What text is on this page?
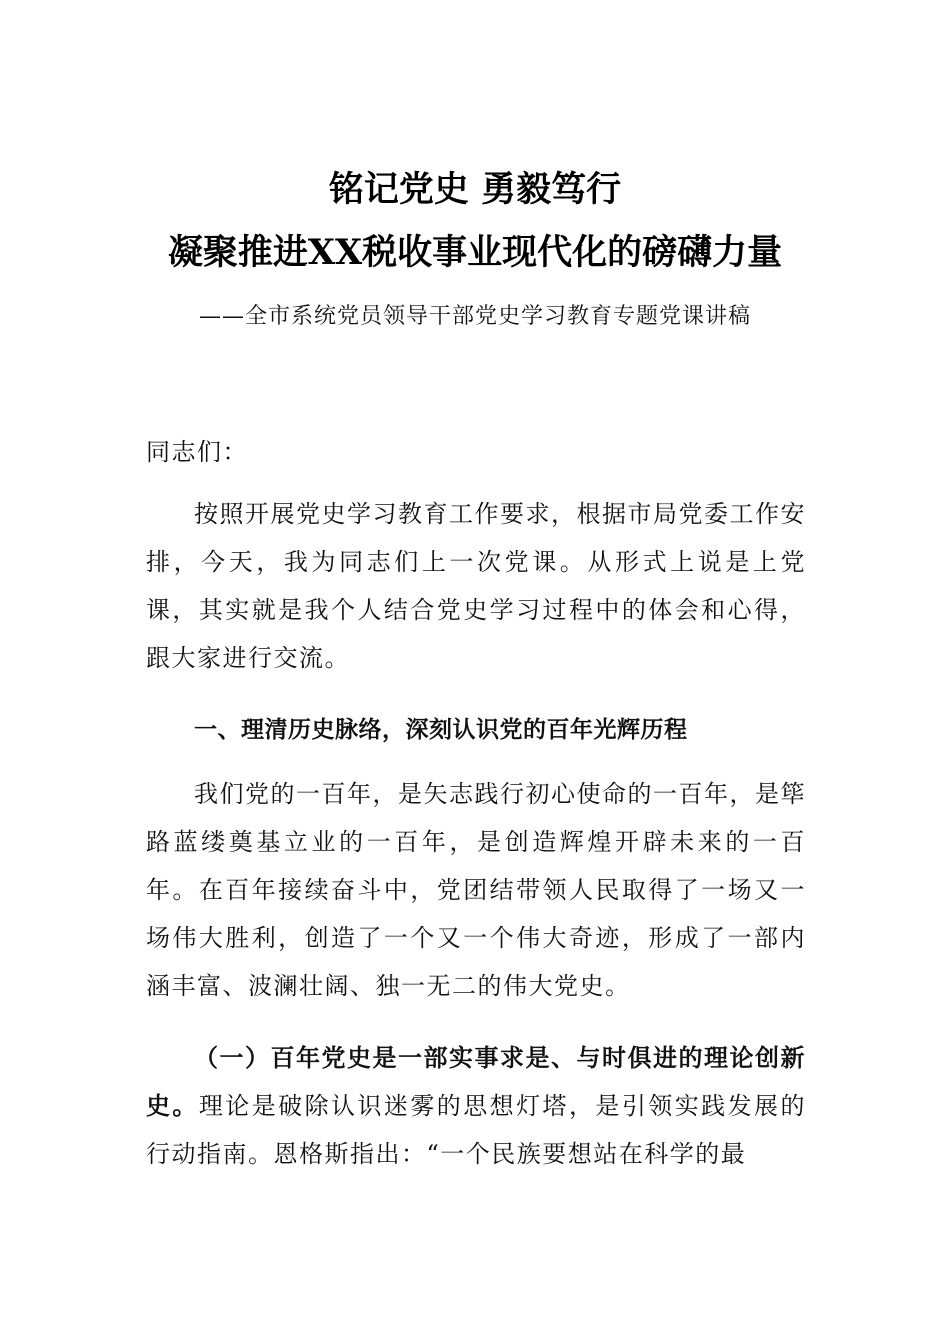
铭记党史 勇毅笃行
凝聚推进XX税收事业现代化的磅礴力量
——全市系统党员领导干部党史学习教育专题党课讲稿
同志们：
按照开展党史学习教育工作要求，根据市局党委工作安排，今天，我为同志们上一次党课。从形式上说是上党课，其实就是我个人结合党史学习过程中的体会和心得，跟大家进行交流。
一、理清历史脉络，深刻认识党的百年光辉历程
我们党的一百年，是矢志践行初心使命的一百年，是筚路蓝缕奠基立业的一百年，是创造辉煌开辟未来的一百年。在百年接续奋斗中，党团结带领人民取得了一场又一场伟大胜利，创造了一个又一个伟大奇迹，形成了一部内涵丰富、波澜壮阔、独一无二的伟大党史。
（一）百年党史是一部实事求是、与时俱进的理论创新史。理论是破除认识迷雾的思想灯塔，是引领实践发展的行动指南。恩格斯指出：“一个民族要想站在科学的最
